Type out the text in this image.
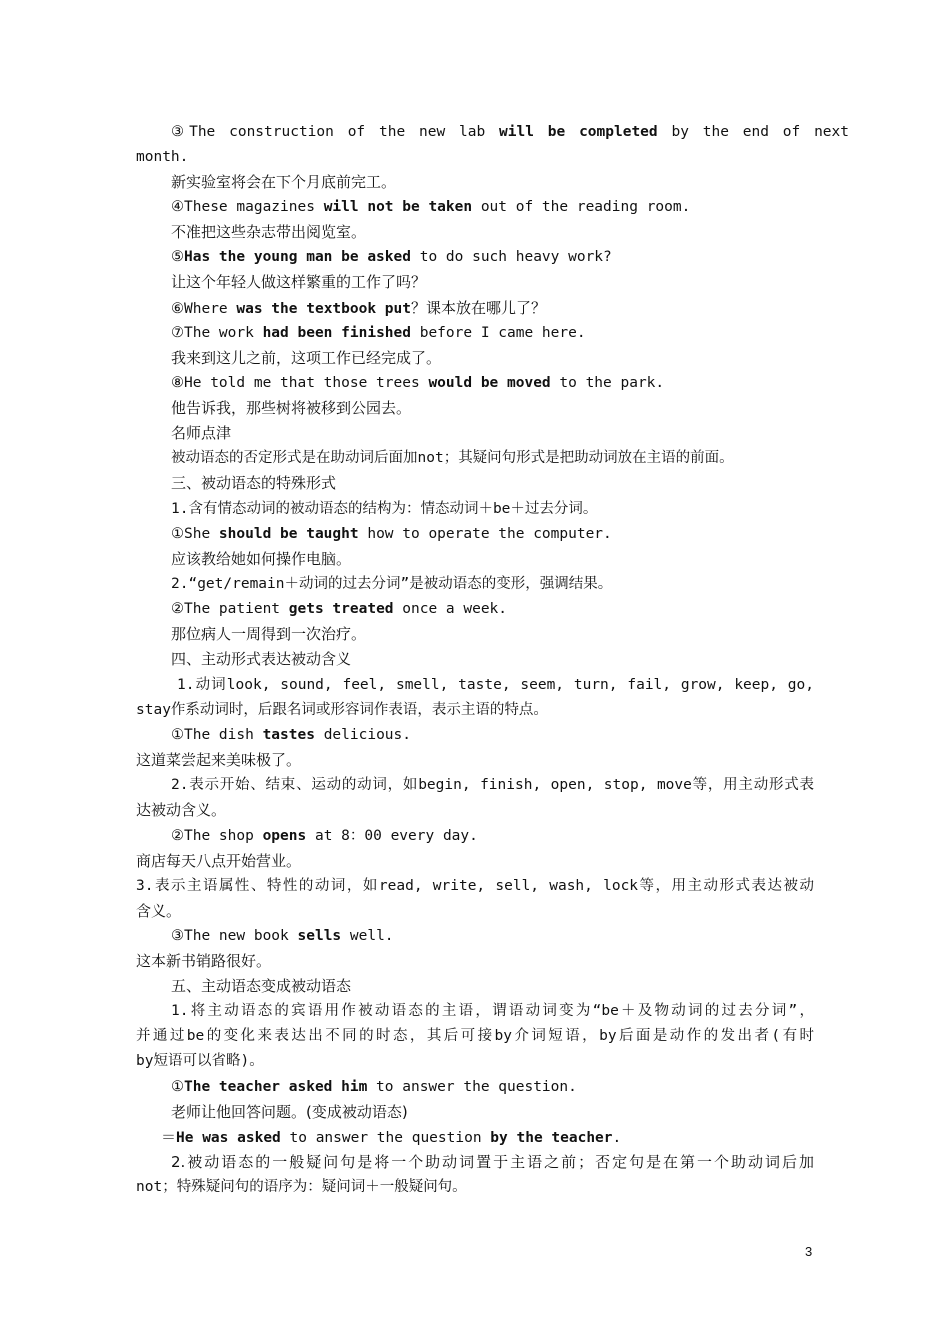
③The construction of the new lab will be completed by the end of next
month.
新实验室将会在下个月底前完工。
④These magazines will not be taken out of the reading room.
不准把这些杂志带出阅览室。
⑤Has the young man be asked to do such heavy work?
让这个年轻人做这样繁重的工作了吗？
⑥Where was the textbook put？课本放在哪儿了？
⑦The work had been finished before I came here.
我来到这儿之前，这项工作已经完成了。
⑧He told me that those trees would be moved to the park.
他告诉我，那些树将被移到公园去。
名师点津
被动语态的否定形式是在助动词后面加not；其疑问句形式是把助动词放在主语的前面。
三、被动语态的特殊形式
1.含有情态动词的被动语态的结构为：情态动词＋be＋过去分词。
①She should be taught how to operate the computer.
应该教给她如何操作电脑。
2.“get/remain＋动词的过去分词”是被动语态的变形，强调结果。
②The patient gets treated once a week.
那位病人一周得到一次治疗。
四、主动形式表达被动含义
1.动词look, sound, feel, smell, taste, seem, turn, fail, grow, keep, go,
stay作系动词时，后跟名词或形容词作表语，表示主语的特点。
①The dish tastes delicious.
这道菜尝起来美味极了。
2.表示开始、结束、运动的动词，如begin, finish, open, stop, move等，用主动形式表
达被动含义。
②The shop opens at 8：00 every day.
商店每天八点开始营业。
3.表示主语属性、特性的动词，如read, write, sell, wash, lock等，用主动形式表达被动
含义。
③The new book sells well.
这本新书销路很好。
五、主动语态变成被动语态
1.将主动语态的宾语用作被动语态的主语，谓语动词变为“be＋及物动词的过去分词”，
并通过be的变化来表达出不同的时态，其后可接by介词短语，by后面是动作的发出者(有时
by短语可以省略)。
①The teacher asked him to answer the question.
老师让他回答问题。(变成被动语态)
＝He was asked to answer the question by the teacher.
2.被动语态的一般疑问句是将一个助动词置于主语之前；否定句是在第一个助动词后加
not；特殊疑问句的语序为：疑问词＋一般疑问句。
3
